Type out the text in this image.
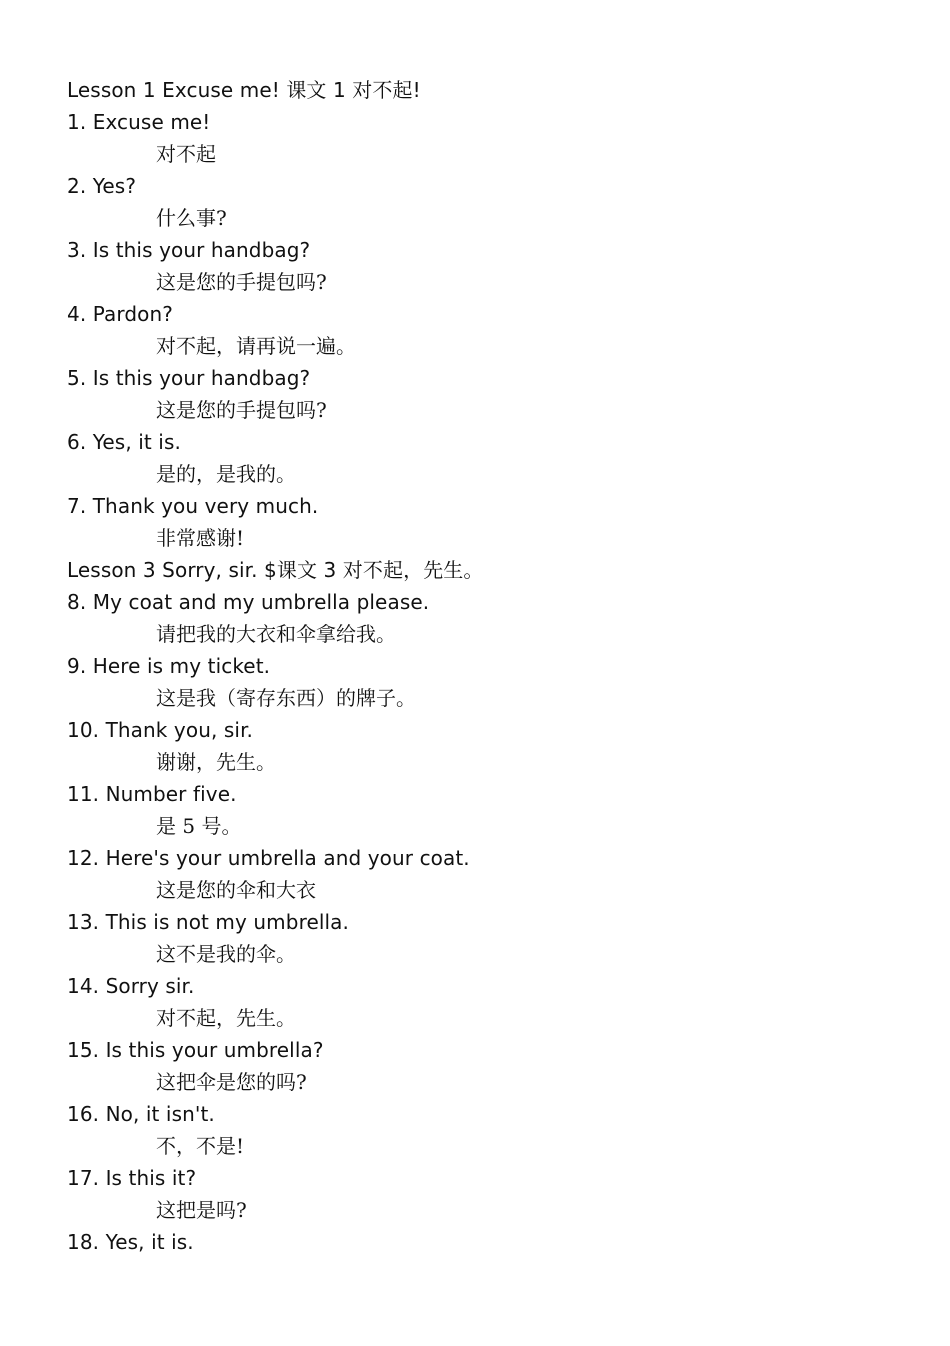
Lesson 1 Excuse me! 课文 1 对不起!
1. Excuse me!
对不起
2. Yes?
什么事?
3. Is this your handbag?
这是您的手提包吗?
4. Pardon?
对不起，请再说一遍。
5. Is this your handbag?
这是您的手提包吗?
6. Yes, it is.
是的，是我的。
7. Thank you very much.
非常感谢!
Lesson 3 Sorry, sir. $课文 3 对不起，先生。
8. My coat and my umbrella please.
请把我的大衣和伞拿给我。
9. Here is my ticket.
这是我（寄存东西）的牌子。
10. Thank you, sir.
谢谢，先生。
11. Number five.
是 5 号。
12. Here's your umbrella and your coat.
这是您的伞和大衣
13. This is not my umbrella.
这不是我的伞。
14. Sorry sir.
对不起，先生。
15. Is this your umbrella?
这把伞是您的吗?
16. No, it isn't.
不，不是!
17. Is this it?
这把是吗?
18. Yes, it is.
